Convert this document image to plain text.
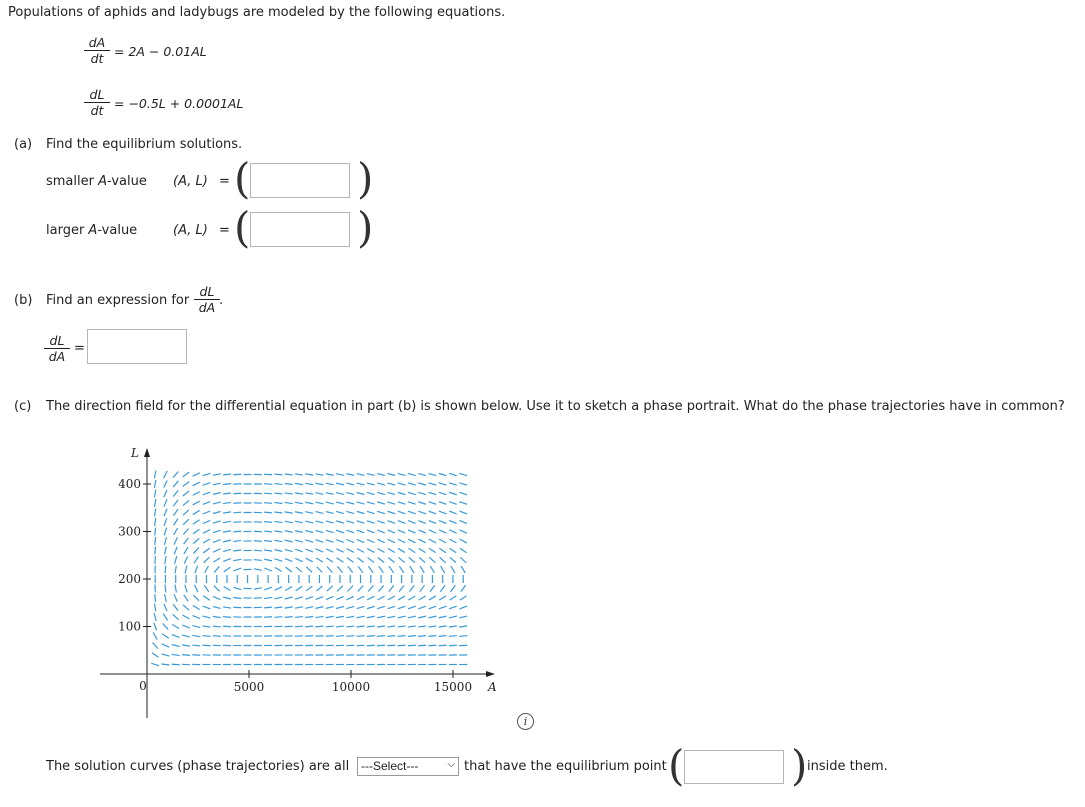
Populations of aphids and ladybugs are modeled by the following equations.
$\frac{dA}{dt} = 2A - 0.01AL$
$\frac{dL}{dt} = -0.5L + 0.0001AL$
(a) Find the equilibrium solutions.
smaller A-value (A, L) = (	)
larger A-value	(A, L) = (	)
(b) Find an expression for $\frac{dL}{dA}$ .
$\frac{dL}{dA}$ =
(c) The direction field for the differential equation in part (b) is shown below. Use it to sketch a phase portrait. What do the phase trajectories have in common?
A
L
0	5000	10000	15000
100
200
300
400
i
The solution curves (phase trajectories) are all ---Select---	⌵ that have the equilibrium point (	) inside them.
